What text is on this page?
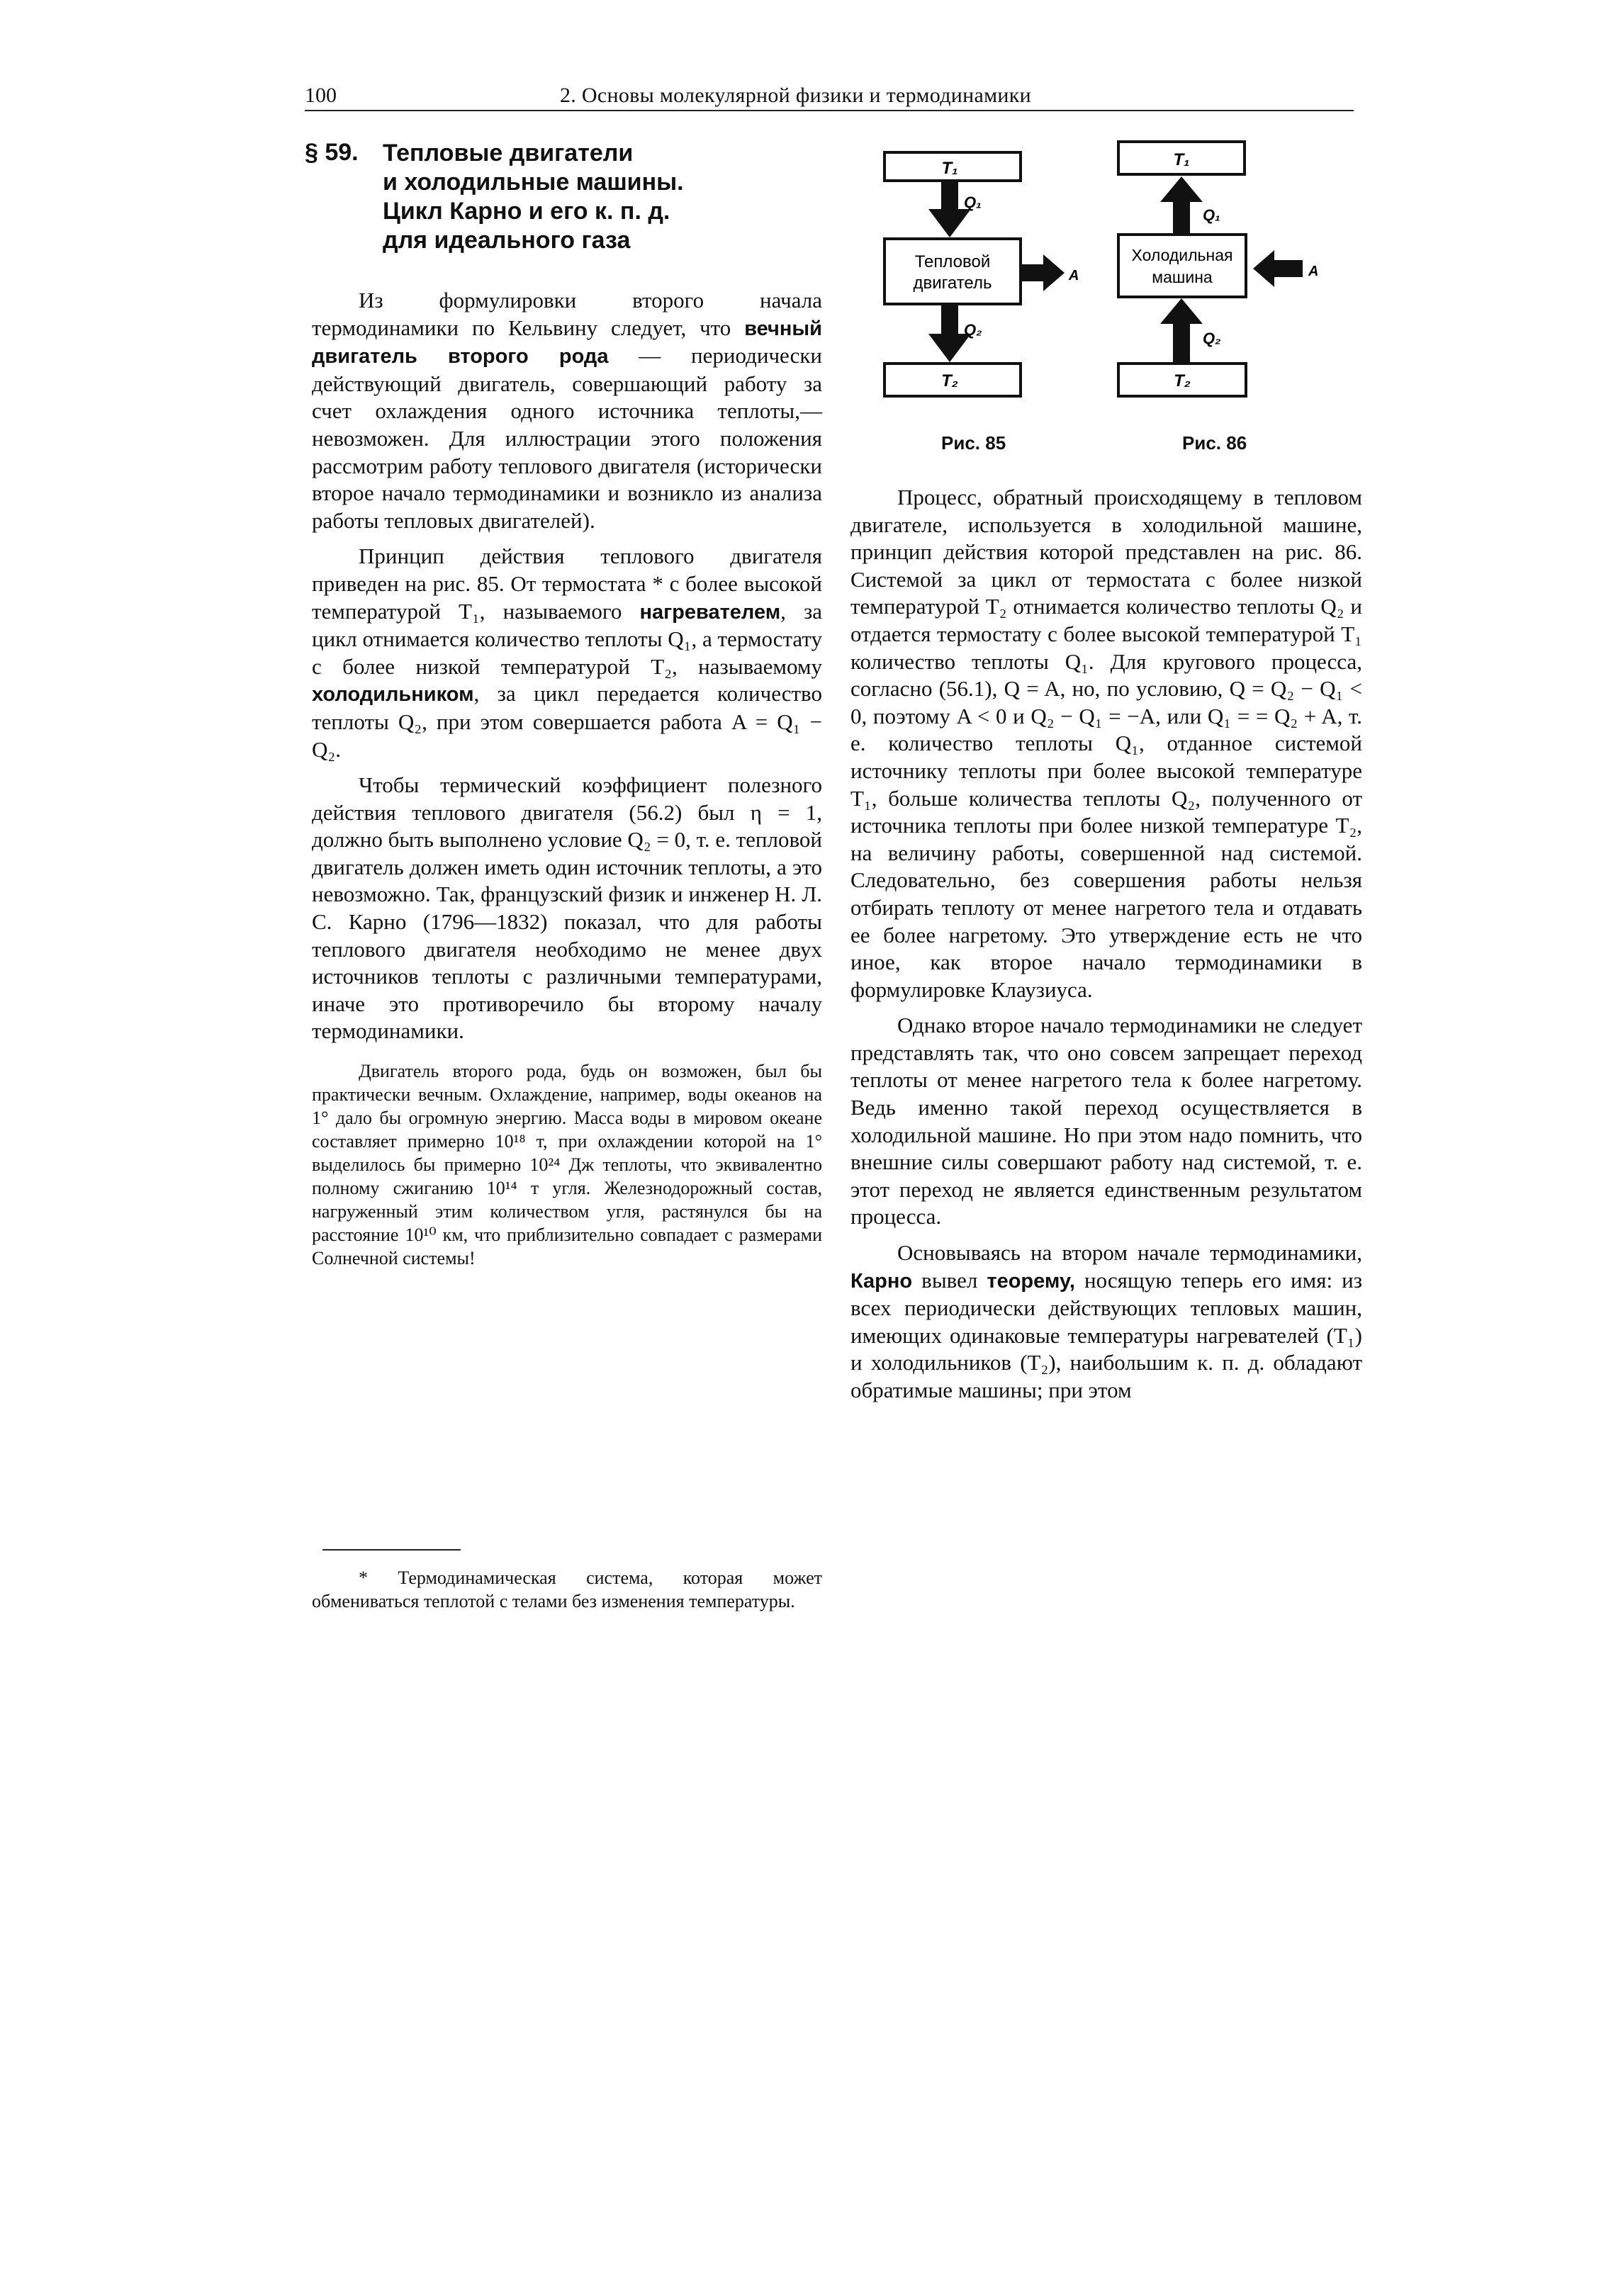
100	2. Основы молекулярной физики и термодинамики
§ 59. Тепловые двигатели
и холодильные машины.
Цикл Карно и его к. п. д.
для идеального газа

Из формулировки второго начала термодинамики по Кельвину следует, что вечный двигатель второго рода — периодически действующий двигатель, совершающий работу за счет охлаждения одного источника теплоты,— невозможен. Для иллюстрации этого положения рассмотрим работу теплового двигателя (исторически второе начало термодинамики и возникло из анализа работы тепловых двигателей).

Принцип действия теплового двигателя приведен на рис. 85. От термостата * с более высокой температурой T₁, называемого нагревателем, за цикл отнимается количество теплоты Q₁, а термостату с более низкой температурой T₂, называемому холодильником, за цикл передается количество теплоты Q₂, при этом совершается работа A = Q₁ − Q₂.

Чтобы термический коэффициент полезного действия теплового двигателя (56.2) был η = 1, должно быть выполнено условие Q₂ = 0, т. е. тепловой двигатель должен иметь один источник теплоты, а это невозможно. Так, французский физик и инженер Н. Л. С. Карно (1796—1832) показал, что для работы теплового двигателя необходимо не менее двух источников теплоты с различными температурами, иначе это противоречило бы второму началу термодинамики.

Двигатель второго рода, будь он возможен, был бы практически вечным. Охлаждение, например, воды океанов на 1° дало бы огромную энергию. Масса воды в мировом океане составляет примерно 10¹⁸ т, при охлаждении которой на 1° выделилось бы примерно 10²⁴ Дж теплоты, что эквивалентно полному сжиганию 10¹⁴ т угля. Железнодорожный состав, нагруженный этим количеством угля, растянулся бы на расстояние 10¹⁰ км, что приблизительно совпадает с размерами Солнечной системы!

* Термодинамическая система, которая может обмениваться теплотой с телами без изменения температуры.
T₁
Q₁
Тепловой
двигатель	A
Q₂
T₂
Рис. 85
T₁
Q₁
Холодильная
машина	A
Q₂
T₂
Рис. 86

Процесс, обратный происходящему в тепловом двигателе, используется в холодильной машине, принцип действия которой представлен на рис. 86. Системой за цикл от термостата с более низкой температурой T₂ отнимается количество теплоты Q₂ и отдается термостату с более высокой температурой T₁ количество теплоты Q₁. Для кругового процесса, согласно (56.1), Q = A, но, по условию, Q = Q₂ − Q₁ < 0, поэтому A < 0 и Q₂ − Q₁ = −A, или Q₁ = = Q₂ + A, т. е. количество теплоты Q₁, отданное системой источнику теплоты при более высокой температуре T₁, больше количества теплоты Q₂, полученного от источника теплоты при более низкой температуре T₂, на величину работы, совершенной над системой. Следовательно, без совершения работы нельзя отбирать теплоту от менее нагретого тела и отдавать ее более нагретому. Это утверждение есть не что иное, как второе начало термодинамики в формулировке Клаузиуса.

Однако второе начало термодинамики не следует представлять так, что оно совсем запрещает переход теплоты от менее нагретого тела к более нагретому. Ведь именно такой переход осуществляется в холодильной машине. Но при этом надо помнить, что внешние силы совершают работу над системой, т. е. этот переход не является единственным результатом процесса.

Основываясь на втором начале термодинамики, Карно вывел теорему, носящую теперь его имя: из всех периодически действующих тепловых машин, имеющих одинаковые температуры нагревателей (T₁) и холодильников (T₂), наибольшим к. п. д. обладают обратимые машины; при этом
